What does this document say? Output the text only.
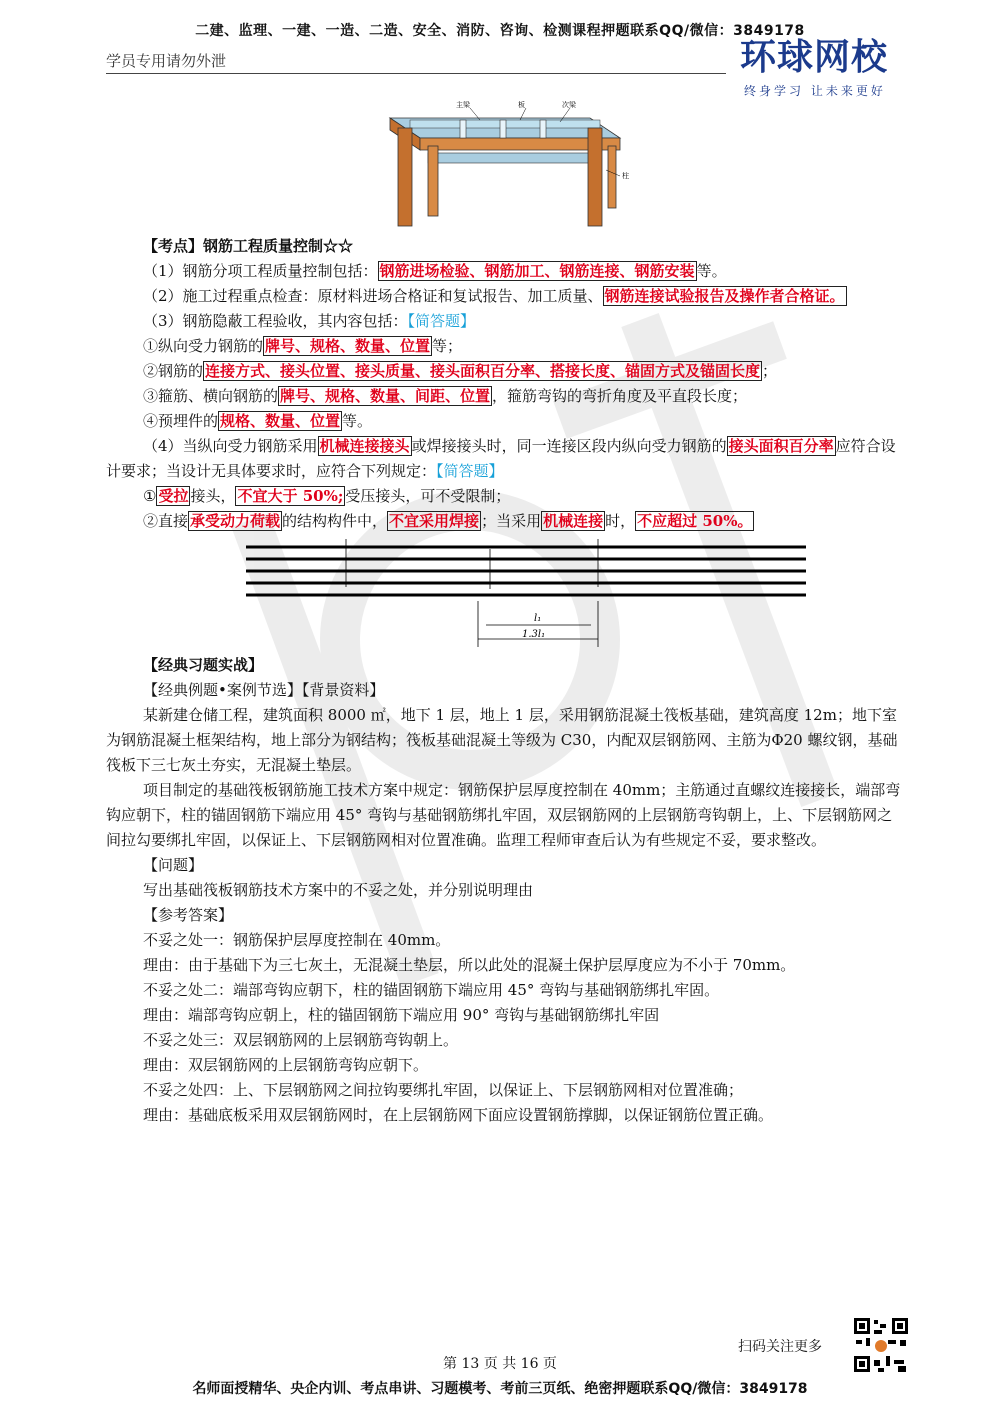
二建、监理、一建、一造、二造、安全、消防、咨询、检测课程押题联系QQ/微信：3849178
学员专用请勿外泄	环球网校
终身学习 让未来更好
主梁	板	次梁
柱

【考点】钢筋工程质量控制☆☆

（1）钢筋分项工程质量控制包括： 钢筋进场检验、钢筋加工、钢筋连接、钢筋安装 等。

（2）施工过程重点检查：原材料进场合格证和复试报告、加工质量、 钢筋连接试验报告及操作者合格证。

（3）钢筋隐蔽工程验收，其内容包括：【简答题】

①纵向受力钢筋的 牌号、规格、数量、位置 等；

②钢筋的 连接方式、接头位置、接头质量、接头面积百分率、搭接长度、锚固方式及锚固长度 ；

③箍筋、横向钢筋的 牌号、规格、数量、间距、位置 ，箍筋弯钩的弯折角度及平直段长度；

④预埋件的 规格、数量、位置 等。

（4）当纵向受力钢筋采用 机械连接接头 或焊接接头时，同一连接区段内纵向受力钢筋的 接头面积百分率 应符合设计要求；当设计无具体要求时，应符合下列规定：【简答题】

① 受拉 接头， 不宜大于 50%; 受压接头，可不受限制；

②直接 承受动力荷载 的结构构件中， 不宜采用焊接 ；当采用 机械连接 时， 不应超过 50%。

l₁
1.3l₁

【经典习题实战】

【经典例题•案例节选】【背景资料】

某新建仓储工程，建筑面积 8000 ㎡，地下 1 层，地上 1 层，采用钢筋混凝土筏板基础，建筑高度 12m；地下室为钢筋混凝土框架结构，地上部分为钢结构；筏板基础混凝土等级为 C30，内配双层钢筋网、主筋为Φ20 螺纹钢，基础筏板下三七灰土夯实，无混凝土垫层。

项目制定的基础筏板钢筋施工技术方案中规定：钢筋保护层厚度控制在 40mm；主筋通过直螺纹连接接长，端部弯钩应朝下，柱的锚固钢筋下端应用 45° 弯钩与基础钢筋绑扎牢固，双层钢筋网的上层钢筋弯钩朝上，上、下层钢筋网之间拉勾要绑扎牢固，以保证上、下层钢筋网相对位置准确。监理工程师审查后认为有些规定不妥，要求整改。

【问题】

写出基础筏板钢筋技术方案中的不妥之处，并分别说明理由

【参考答案】

不妥之处一：钢筋保护层厚度控制在 40mm。

理由：由于基础下为三七灰土，无混凝土垫层，所以此处的混凝土保护层厚度应为不小于 70mm。

不妥之处二：端部弯钩应朝下，柱的锚固钢筋下端应用 45° 弯钩与基础钢筋绑扎牢固。

理由：端部弯钩应朝上，柱的锚固钢筋下端应用 90° 弯钩与基础钢筋绑扎牢固

不妥之处三：双层钢筋网的上层钢筋弯钩朝上。

理由：双层钢筋网的上层钢筋弯钩应朝下。

不妥之处四：上、下层钢筋网之间拉钩要绑扎牢固，以保证上、下层钢筋网相对位置准确；

理由：基础底板采用双层钢筋网时，在上层钢筋网下面应设置钢筋撑脚，以保证钢筋位置正确。

扫码关注更多
第 13 页 共 16 页
名师面授精华、央企内训、考点串讲、习题模考、考前三页纸、绝密押题联系QQ/微信：3849178
